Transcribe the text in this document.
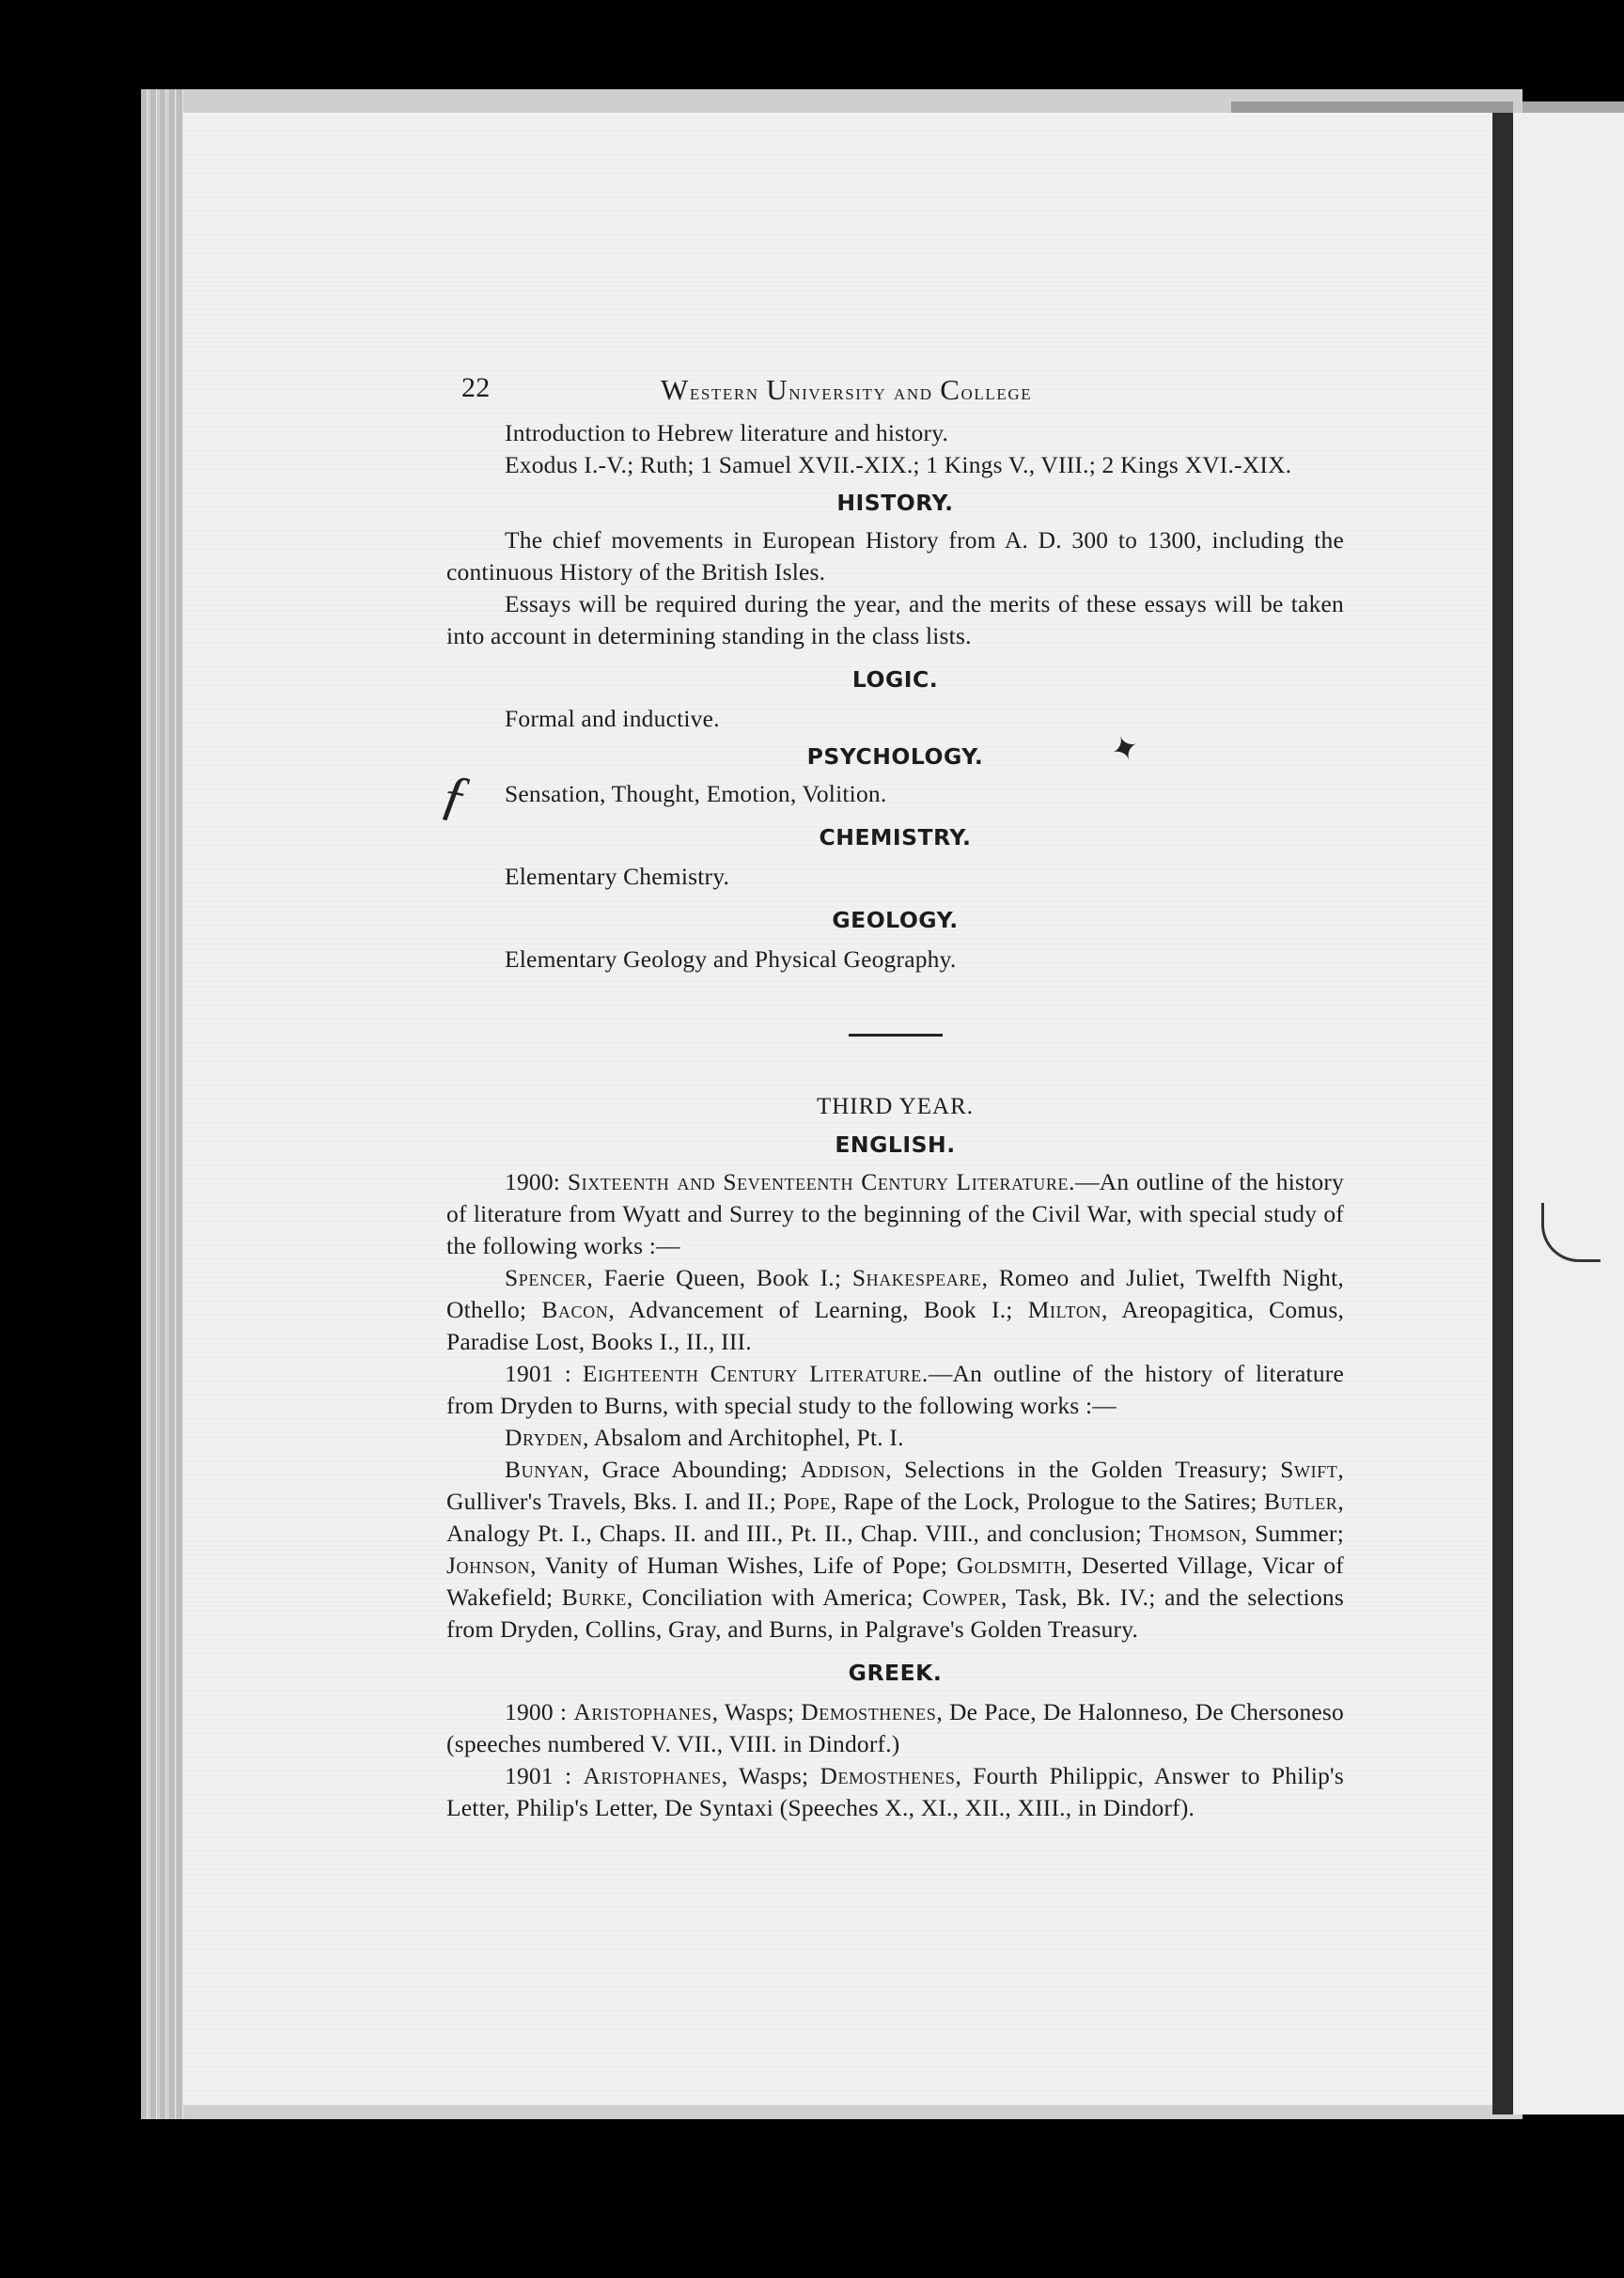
ƒ
✦
22	Western University and College

Introduction to Hebrew literature and history.

Exodus I.-V.; Ruth; 1 Samuel XVII.-XIX.; 1 Kings V., VIII.; 2 Kings XVI.-XIX.

HISTORY.

The chief movements in European History from A. D. 300 to 1300, including the continuous History of the British Isles.

Essays will be required during the year, and the merits of these essays will be taken into account in determining standing in the class lists.

LOGIC.

Formal and inductive.

PSYCHOLOGY.

Sensation, Thought, Emotion, Volition.

CHEMISTRY.

Elementary Chemistry.

GEOLOGY.

Elementary Geology and Physical Geography.

THIRD YEAR.
ENGLISH.

1900: Sixteenth and Seventeenth Century Literature.—An outline of the history of literature from Wyatt and Surrey to the beginning of the Civil War, with special study of the following works :—

Spencer, Faerie Queen, Book I.; Shakespeare, Romeo and Juliet, Twelfth Night, Othello; Bacon, Advancement of Learning, Book I.; Milton, Areopagitica, Comus, Paradise Lost, Books I., II., III.

1901 : Eighteenth Century Literature.—An outline of the history of literature from Dryden to Burns, with special study to the following works :—

Dryden, Absalom and Architophel, Pt. I.

Bunyan, Grace Abounding; Addison, Selections in the Golden Treasury; Swift, Gulliver's Travels, Bks. I. and II.; Pope, Rape of the Lock, Prologue to the Satires; Butler, Analogy Pt. I., Chaps. II. and III., Pt. II., Chap. VIII., and conclusion; Thomson, Summer; Johnson, Vanity of Human Wishes, Life of Pope; Goldsmith, Deserted Village, Vicar of Wakefield; Burke, Conciliation with America; Cowper, Task, Bk. IV.; and the selections from Dryden, Collins, Gray, and Burns, in Palgrave's Golden Treasury.

GREEK.

1900 : Aristophanes, Wasps; Demosthenes, De Pace, De Halonneso, De Chersoneso (speeches numbered V. VII., VIII. in Dindorf.)

1901 : Aristophanes, Wasps; Demosthenes, Fourth Philippic, Answer to Philip's Letter, Philip's Letter, De Syntaxi (Speeches X., XI., XII., XIII., in Dindorf).
